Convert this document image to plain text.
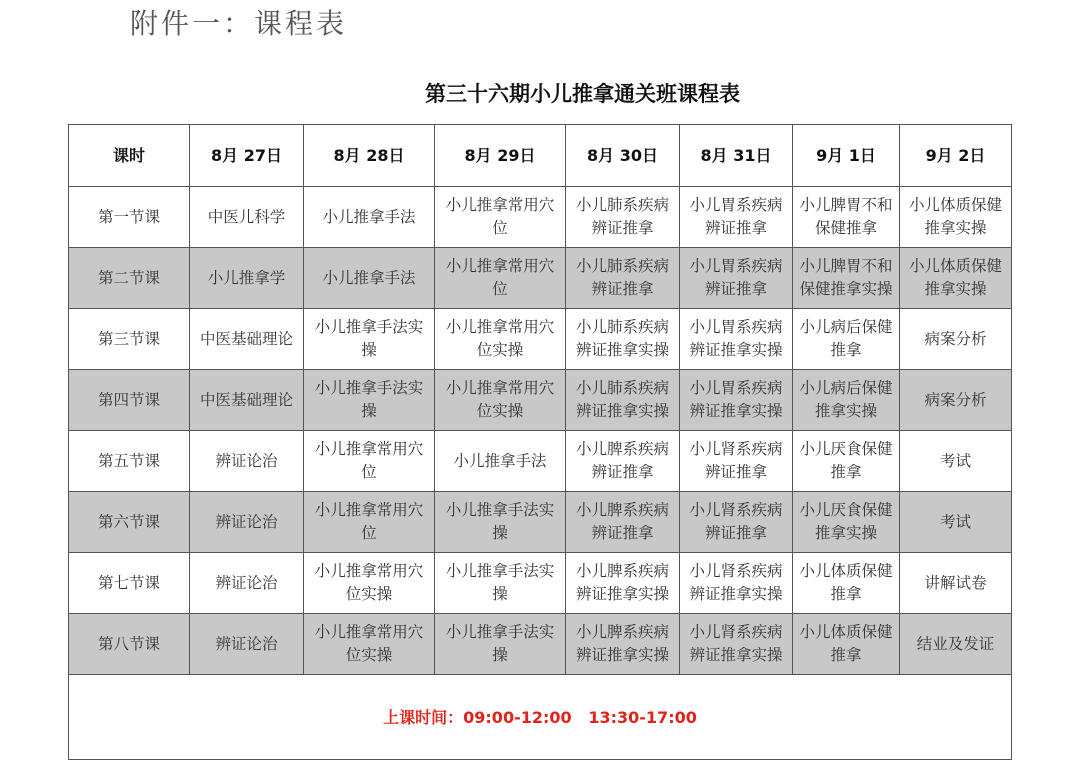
附件一：课程表
第三十六期小儿推拿通关班课程表
课时	8月 27日	8月 28日	8月 29日	8月 30日	8月 31日	9月 1日	9月 2日
第一节课	中医儿科学	小儿推拿手法	小儿推拿常用穴位	小儿肺系疾病辨证推拿	小儿胃系疾病辨证推拿	小儿脾胃不和保健推拿	小儿体质保健推拿实操
第二节课	小儿推拿学	小儿推拿手法	小儿推拿常用穴位	小儿肺系疾病辨证推拿	小儿胃系疾病辨证推拿	小儿脾胃不和保健推拿实操	小儿体质保健推拿实操
第三节课	中医基础理论	小儿推拿手法实操	小儿推拿常用穴位实操	小儿肺系疾病辨证推拿实操	小儿胃系疾病辨证推拿实操	小儿病后保健推拿	病案分析
第四节课	中医基础理论	小儿推拿手法实操	小儿推拿常用穴位实操	小儿肺系疾病辨证推拿实操	小儿胃系疾病辨证推拿实操	小儿病后保健推拿实操	病案分析
第五节课	辨证论治	小儿推拿常用穴位	小儿推拿手法	小儿脾系疾病辨证推拿	小儿肾系疾病辨证推拿	小儿厌食保健推拿	考试
第六节课	辨证论治	小儿推拿常用穴位	小儿推拿手法实操	小儿脾系疾病辨证推拿	小儿肾系疾病辨证推拿	小儿厌食保健推拿实操	考试
第七节课	辨证论治	小儿推拿常用穴位实操	小儿推拿手法实操	小儿脾系疾病辨证推拿实操	小儿肾系疾病辨证推拿实操	小儿体质保健推拿	讲解试卷
第八节课	辨证论治	小儿推拿常用穴位实操	小儿推拿手法实操	小儿脾系疾病辨证推拿实操	小儿肾系疾病辨证推拿实操	小儿体质保健推拿	结业及发证
上课时间：09:00-12:00   13:30-17:00							
